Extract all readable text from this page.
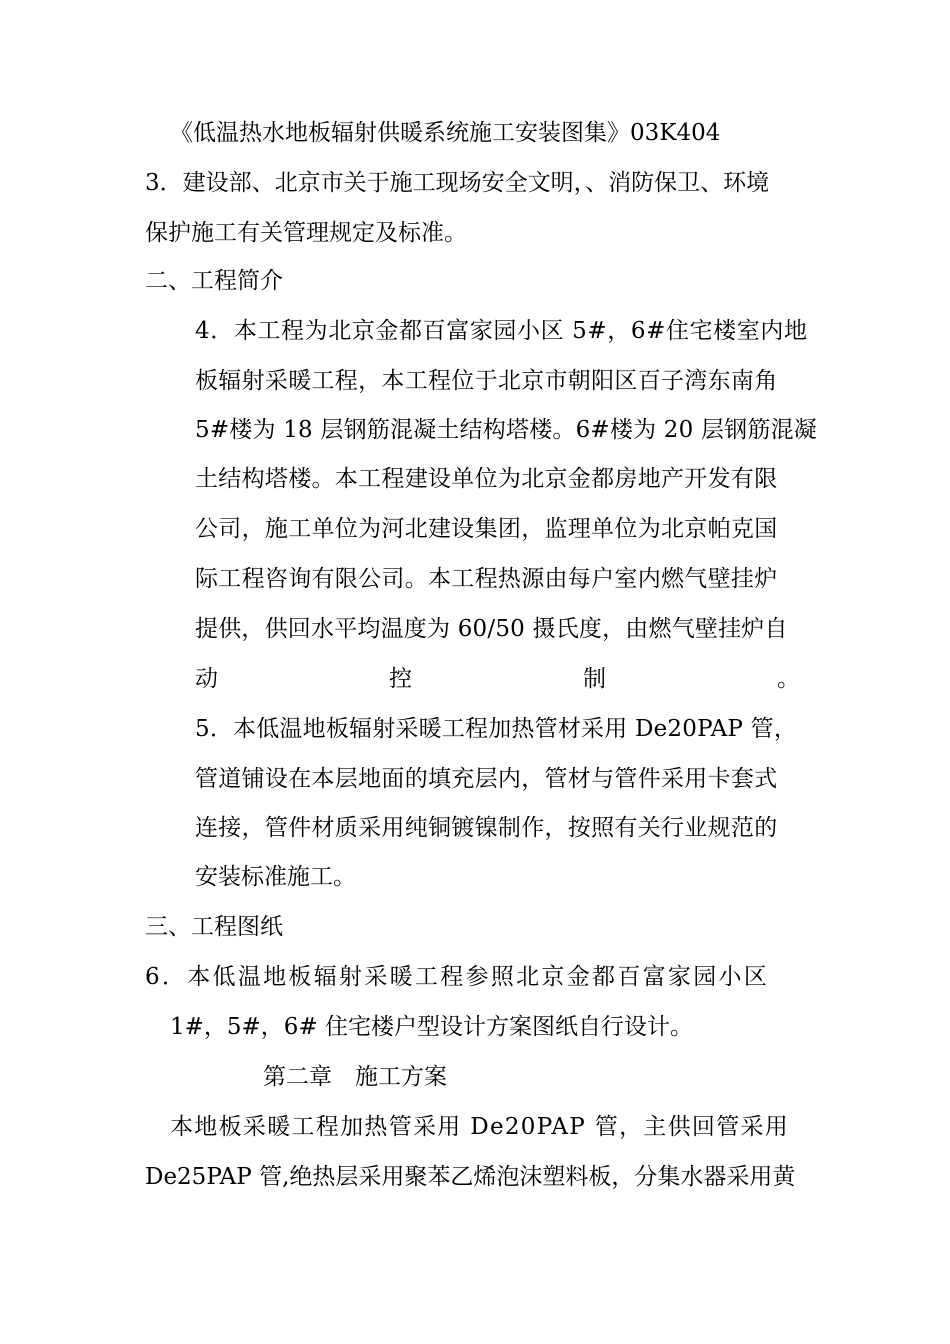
《低温热水地板辐射供暖系统施工安装图集》03K404
3．建设部、北京市关于施工现场安全文明，、消防保卫、环境
保护施工有关管理规定及标准。
二、工程简介
4．本工程为北京金都百富家园小区 5#，6#住宅楼室内地
板辐射采暖工程，本工程位于北京市朝阳区百子湾东南角
5#楼为 18 层钢筋混凝土结构塔楼。6#楼为 20 层钢筋混凝
土结构塔楼。本工程建设单位为北京金都房地产开发有限
公司，施工单位为河北建设集团，监理单位为北京帕克国
际工程咨询有限公司。本工程热源由每户室内燃气壁挂炉
提供，供回水平均温度为 60/50 摄氏度，由燃气壁挂炉自
动	控	制	。
5．本低温地板辐射采暖工程加热管材采用 De20PAP 管，
管道铺设在本层地面的填充层内，管材与管件采用卡套式
连接，管件材质采用纯铜镀镍制作，按照有关行业规范的
安装标准施工。
三、工程图纸
6．本低温地板辐射采暖工程参照北京金都百富家园小区
1#，5#，6# 住宅楼户型设计方案图纸自行设计。
第二章　施工方案
本地板采暖工程加热管采用 De20PAP 管，主供回管采用
De25PAP 管,绝热层采用聚苯乙烯泡沫塑料板，分集水器采用黄
